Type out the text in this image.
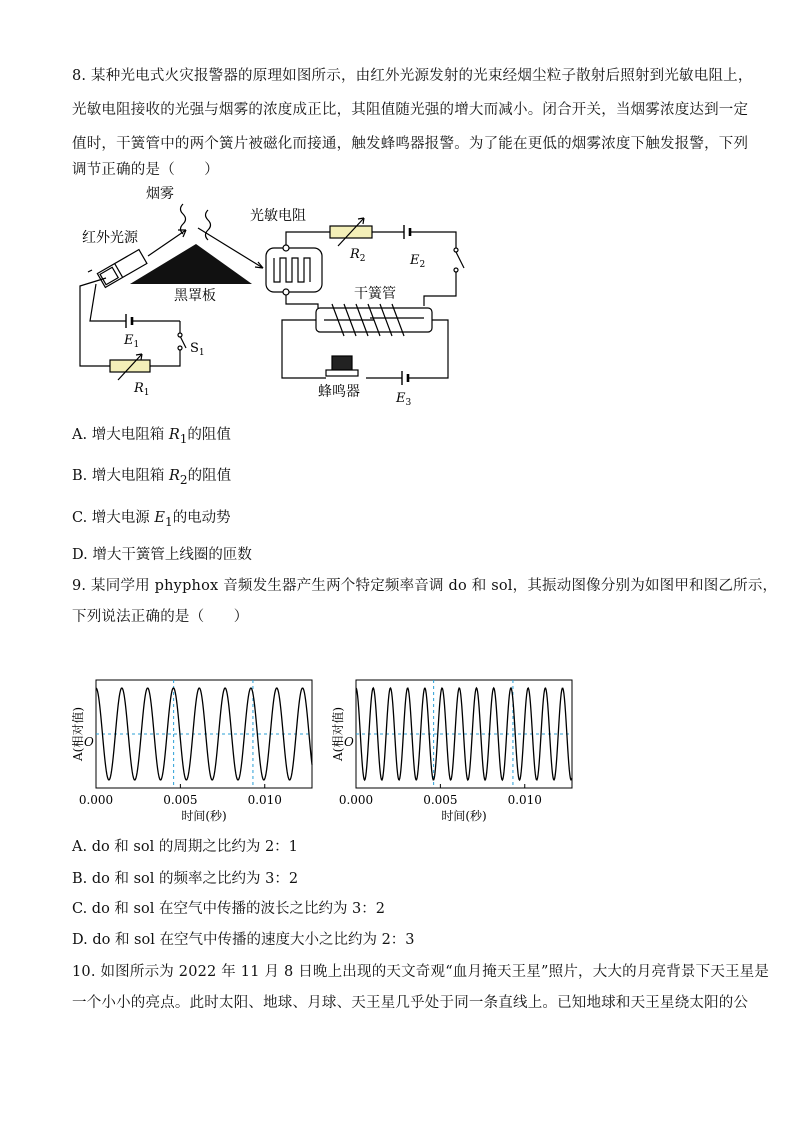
8. 某种光电式火灾报警器的原理如图所示，由红外光源发射的光束经烟尘粒子散射后照射到光敏电阻上，
光敏电阻接收的光强与烟雾的浓度成正比，其阻值随光强的增大而减小。闭合开关，当烟雾浓度达到一定
值时，干簧管中的两个簧片被磁化而接通，触发蜂鸣器报警。为了能在更低的烟雾浓度下触发报警，下列
调节正确的是（　　）
烟雾
红外光源
黑罩板
光敏电阻
干簧管
蜂鸣器
$R_1$
$R_2$
$E_1$
$E_2$
$E_3$
$S_1$
A. 增大电阻箱 $R_1$的阻值
B. 增大电阻箱 $R_2$的阻值
C. 增大电源 $E_1$的电动势
D. 增大干簧管上线圈的匝数
9. 某同学用 phyphox 音频发生器产生两个特定频率音调 do 和 sol，其振动图像分别为如图甲和图乙所示，
下列说法正确的是（　　）
0.000	0.005	0.010
A(相对值) O
时间(秒)
0.000	0.005	0.010
A(相对值) O
时间(秒)
A. do 和 sol 的周期之比约为 2：1
B. do 和 sol 的频率之比约为 3：2
C. do 和 sol 在空气中传播的波长之比约为 3：2
D. do 和 sol 在空气中传播的速度大小之比约为 2：3
10. 如图所示为 2022 年 11 月 8 日晚上出现的天文奇观“血月掩天王星”照片，大大的月亮背景下天王星是
一个小小的亮点。此时太阳、地球、月球、天王星几乎处于同一条直线上。已知地球和天王星绕太阳的公
